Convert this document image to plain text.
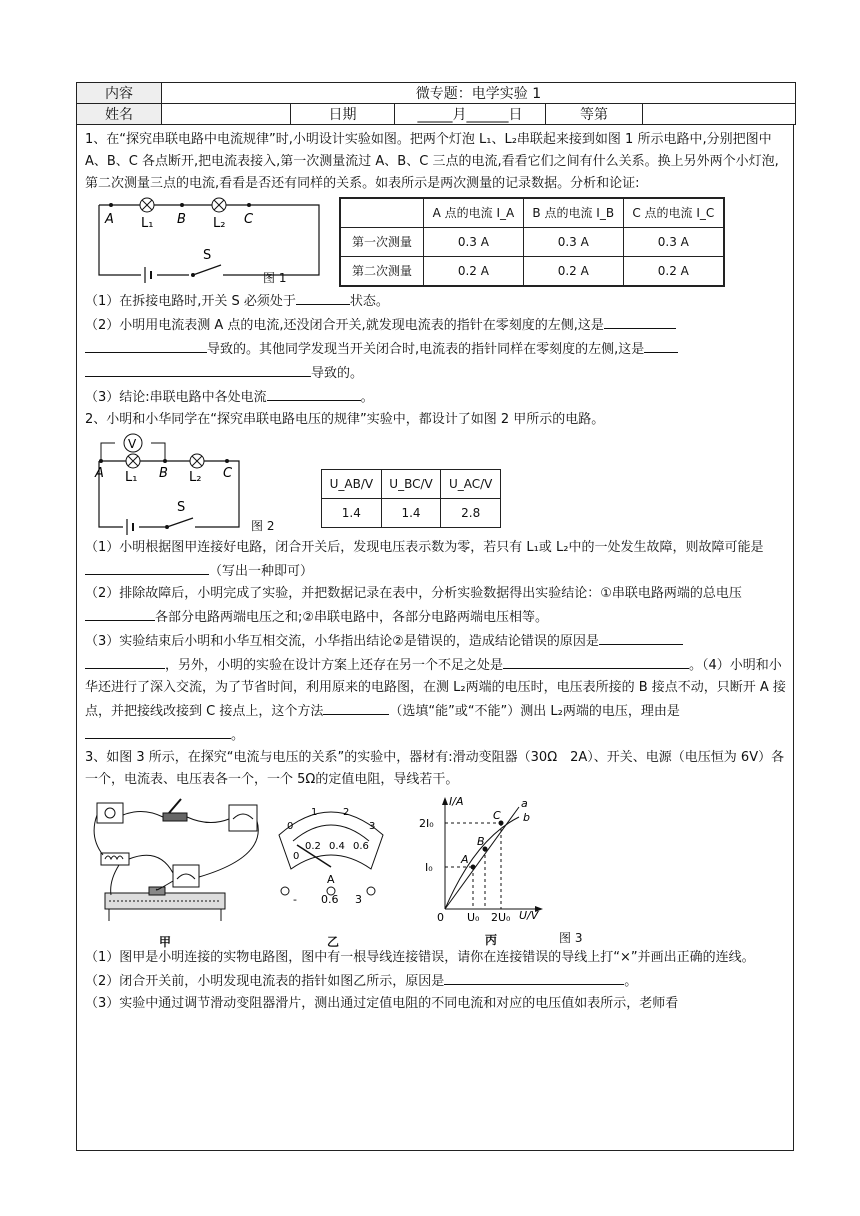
内容	微专题：电学实验 1				
姓名		日期	_____月______日	等第	

1、在“探究串联电路中电流规律”时,小明设计实验如图。把两个灯泡 L₁、L₂串联起来接到如图 1 所示电路中,分别把图中 A、B、C 各点断开,把电流表接入,第一次测量流过 A、B、C 三点的电流,看看它们之间有什么关系。换上另外两个小灯泡,第二次测量三点的电流,看看是否还有同样的关系。如表所示是两次测量的记录数据。分析和论证:

A L₁ B L₂ C
S
图 1
	A 点的电流 I_A	B 点的电流 I_B	C 点的电流 I_C
第一次测量	0.3 A	0.3 A	0.3 A
第二次测量	0.2 A	0.2 A	0.2 A

（1）在拆接电路时,开关 S 必须处于	状态。

（2）小明用电流表测 A 点的电流,还没闭合开关,就发现电流表的指针在零刻度的左侧,这是
导致的。其他同学发现当开关闭合时,电流表的指针同样在零刻度的左侧,这是
导致的。

（3）结论:串联电路中各处电流	。

2、小明和小华同学在“探究串联电路电压的规律”实验中，都设计了如图 2 甲所示的电路。

V
A L₁ B L₂ C
S
图 2
U_AB/V	U_BC/V	U_AC/V
1.4	1.4	2.8

（1）小明根据图甲连接好电路，闭合开关后，发现电压表示数为零，若只有 L₁或 L₂中的一处发生故障，则故障可能是（写出一种即可）

（2）排除故障后，小明完成了实验，并把数据记录在表中，分析实验数据得出实验结论：①串联电路两端的总电压各部分电路两端电压之和;②串联电路中，各部分电路两端电压相等。

（3）实验结束后小明和小华互相交流，小华指出结论②是错误的，造成结论错误的原因是
，另外，小明的实验在设计方案上还存在另一个不足之处是	。（4）小明和小华还进行了深入交流，为了节省时间，利用原来的电路图，在测 L₂两端的电压时，电压表所接的 B 接点不动，只断开 A 接点，并把接线改接到 C 接点上，这个方法	（选填“能”或“不能”）测出 L₂两端的电压，理由是。

3、如图 3 所示，在探究“电流与电压的关系”的实验中，器材有:滑动变阻器（30Ω　2A）、开关、电源（电压恒为 6V）各一个，电流表、电压表各一个，一个 5Ω的定值电阻，导线若干。

甲
0
1	2
3
0
0.2 0.4 0.6
A
- 0.6 3
乙
I/A
U/V
2I₀
I₀
0 U₀ 2U₀
A
B
C
a
b
丙	图 3

（1）图甲是小明连接的实物电路图，图中有一根导线连接错误，请你在连接错误的导线上打“×”并画出正确的连线。

（2）闭合开关前，小明发现电流表的指针如图乙所示，原因是	。

（3）实验中通过调节滑动变阻器滑片，测出通过定值电阻的不同电流和对应的电压值如表所示，老师看
